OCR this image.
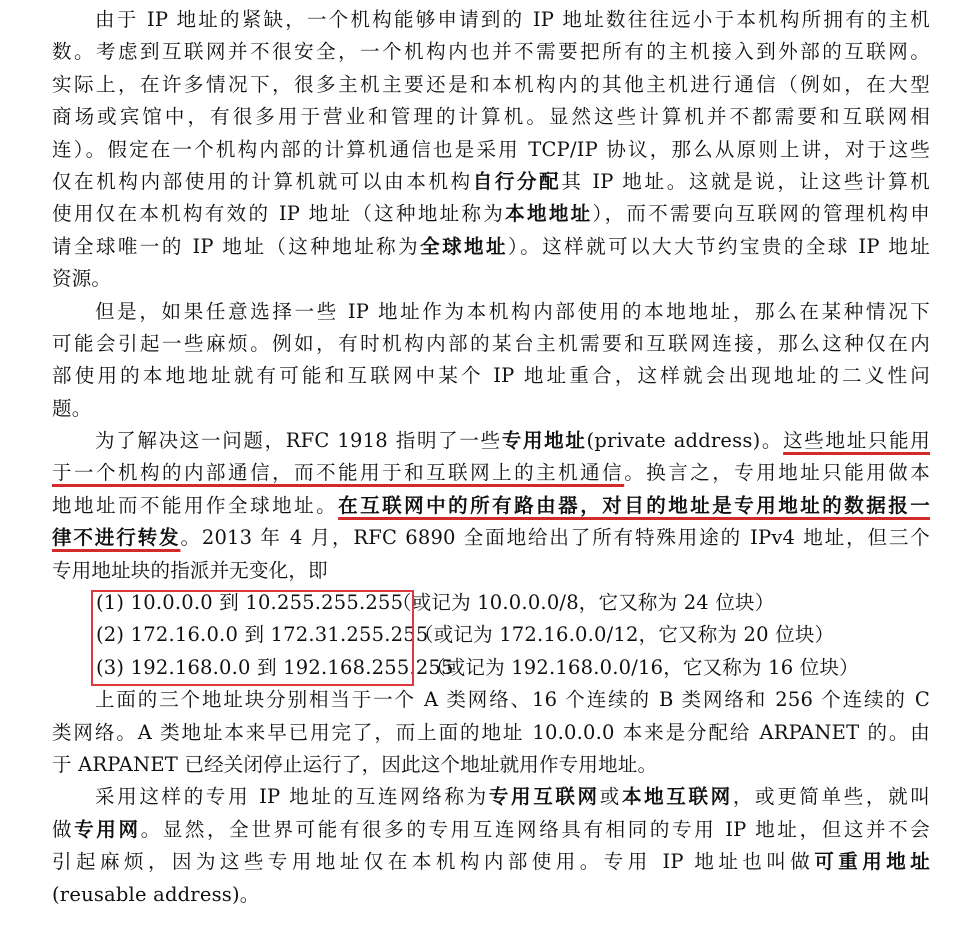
由于 IP 地址的紧缺，一个机构能够申请到的 IP 地址数往往远小于本机构所拥有的主机
数。考虑到互联网并不很安全，一个机构内也并不需要把所有的主机接入到外部的互联网。
实际上，在许多情况下，很多主机主要还是和本机构内的其他主机进行通信（例如，在大型
商场或宾馆中，有很多用于营业和管理的计算机。显然这些计算机并不都需要和互联网相
连）。假定在一个机构内部的计算机通信也是采用 TCP/IP 协议，那么从原则上讲，对于这些
仅在机构内部使用的计算机就可以由本机构自行分配其 IP 地址。这就是说，让这些计算机
使用仅在本机构有效的 IP 地址（这种地址称为本地地址），而不需要向互联网的管理机构申
请全球唯一的 IP 地址（这种地址称为全球地址）。这样就可以大大节约宝贵的全球 IP 地址
资源。
但是，如果任意选择一些 IP 地址作为本机构内部使用的本地地址，那么在某种情况下
可能会引起一些麻烦。例如，有时机构内部的某台主机需要和互联网连接，那么这种仅在内
部使用的本地地址就有可能和互联网中某个 IP 地址重合，这样就会出现地址的二义性问
题。
为了解决这一问题，RFC 1918 指明了一些专用地址(private address)。这些地址只能用
于一个机构的内部通信，而不能用于和互联网上的主机通信。换言之，专用地址只能用做本
地地址而不能用作全球地址。在互联网中的所有路由器，对目的地址是专用地址的数据报一
律不进行转发。2013 年 4 月，RFC 6890 全面地给出了所有特殊用途的 IPv4 地址，但三个
专用地址块的指派并无变化，即
(1) 10.0.0.0 到 10.255.255.255（或记为 10.0.0.0/8，它又称为 24 位块）
(2) 172.16.0.0 到 172.31.255.255（或记为 172.16.0.0/12，它又称为 20 位块）
(3) 192.168.0.0 到 192.168.255.255（或记为 192.168.0.0/16，它又称为 16 位块）
上面的三个地址块分别相当于一个 A 类网络、16 个连续的 B 类网络和 256 个连续的 C
类网络。A 类地址本来早已用完了，而上面的地址 10.0.0.0 本来是分配给 ARPANET 的。由
于 ARPANET 已经关闭停止运行了，因此这个地址就用作专用地址。
采用这样的专用 IP 地址的互连网络称为专用互联网或本地互联网，或更简单些，就叫
做专用网。显然，全世界可能有很多的专用互连网络具有相同的专用 IP 地址，但这并不会
引起麻烦，因为这些专用地址仅在本机构内部使用。专用 IP 地址也叫做可重用地址
(reusable address)。
